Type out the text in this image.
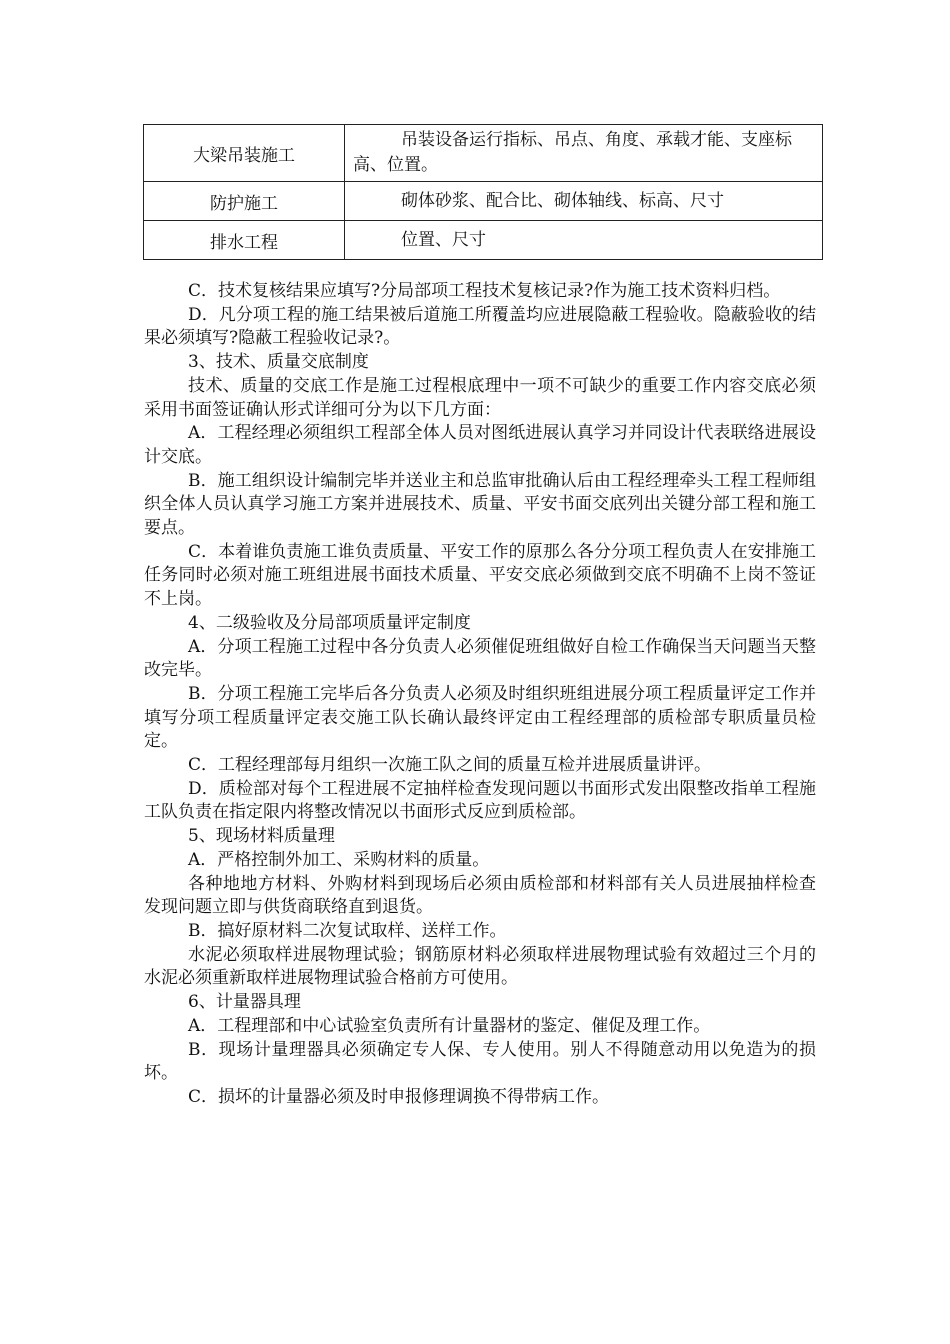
大梁吊装施工	吊装设备运行指标、吊点、角度、承载才能、支座标高、位置。

防护施工	砌体砂浆、配合比、砌体轴线、标高、尺寸
排水工程	位置、尺寸

C．技术复核结果应填写?分局部项工程技术复核记录?作为施工技术资料归档。

D．凡分项工程的施工结果被后道施工所覆盖均应进展隐蔽工程验收。隐蔽验收的结果必须填写?隐蔽工程验收记录?。

3、技术、质量交底制度

技术、质量的交底工作是施工过程根底理中一项不可缺少的重要工作内容交底必须采用书面签证确认形式详细可分为以下几方面：

A．工程经理必须组织工程部全体人员对图纸进展认真学习并同设计代表联络进展设计交底。

B．施工组织设计编制完毕并送业主和总监审批确认后由工程经理牵头工程工程师组织全体人员认真学习施工方案并进展技术、质量、平安书面交底列出关键分部工程和施工要点。

C．本着谁负责施工谁负责质量、平安工作的原那么各分分项工程负责人在安排施工任务同时必须对施工班组进展书面技术质量、平安交底必须做到交底不明确不上岗不签证不上岗。

4、二级验收及分局部项质量评定制度

A．分项工程施工过程中各分负责人必须催促班组做好自检工作确保当天问题当天整改完毕。

B．分项工程施工完毕后各分负责人必须及时组织班组进展分项工程质量评定工作并填写分项工程质量评定表交施工队长确认最终评定由工程经理部的质检部专职质量员检定。

C．工程经理部每月组织一次施工队之间的质量互检并进展质量讲评。

D．质检部对每个工程进展不定抽样检查发现问题以书面形式发出限整改指单工程施工队负责在指定限内将整改情况以书面形式反应到质检部。

5、现场材料质量理

A．严格控制外加工、采购材料的质量。

各种地地方材料、外购材料到现场后必须由质检部和材料部有关人员进展抽样检查发现问题立即与供货商联络直到退货。

B．搞好原材料二次复试取样、送样工作。

水泥必须取样进展物理试验；钢筋原材料必须取样进展物理试验有效超过三个月的水泥必须重新取样进展物理试验合格前方可使用。

6、计量器具理

A．工程理部和中心试验室负责所有计量器材的鉴定、催促及理工作。

B．现场计量理器具必须确定专人保、专人使用。别人不得随意动用以免造为的损坏。

C．损坏的计量器必须及时申报修理调换不得带病工作。
